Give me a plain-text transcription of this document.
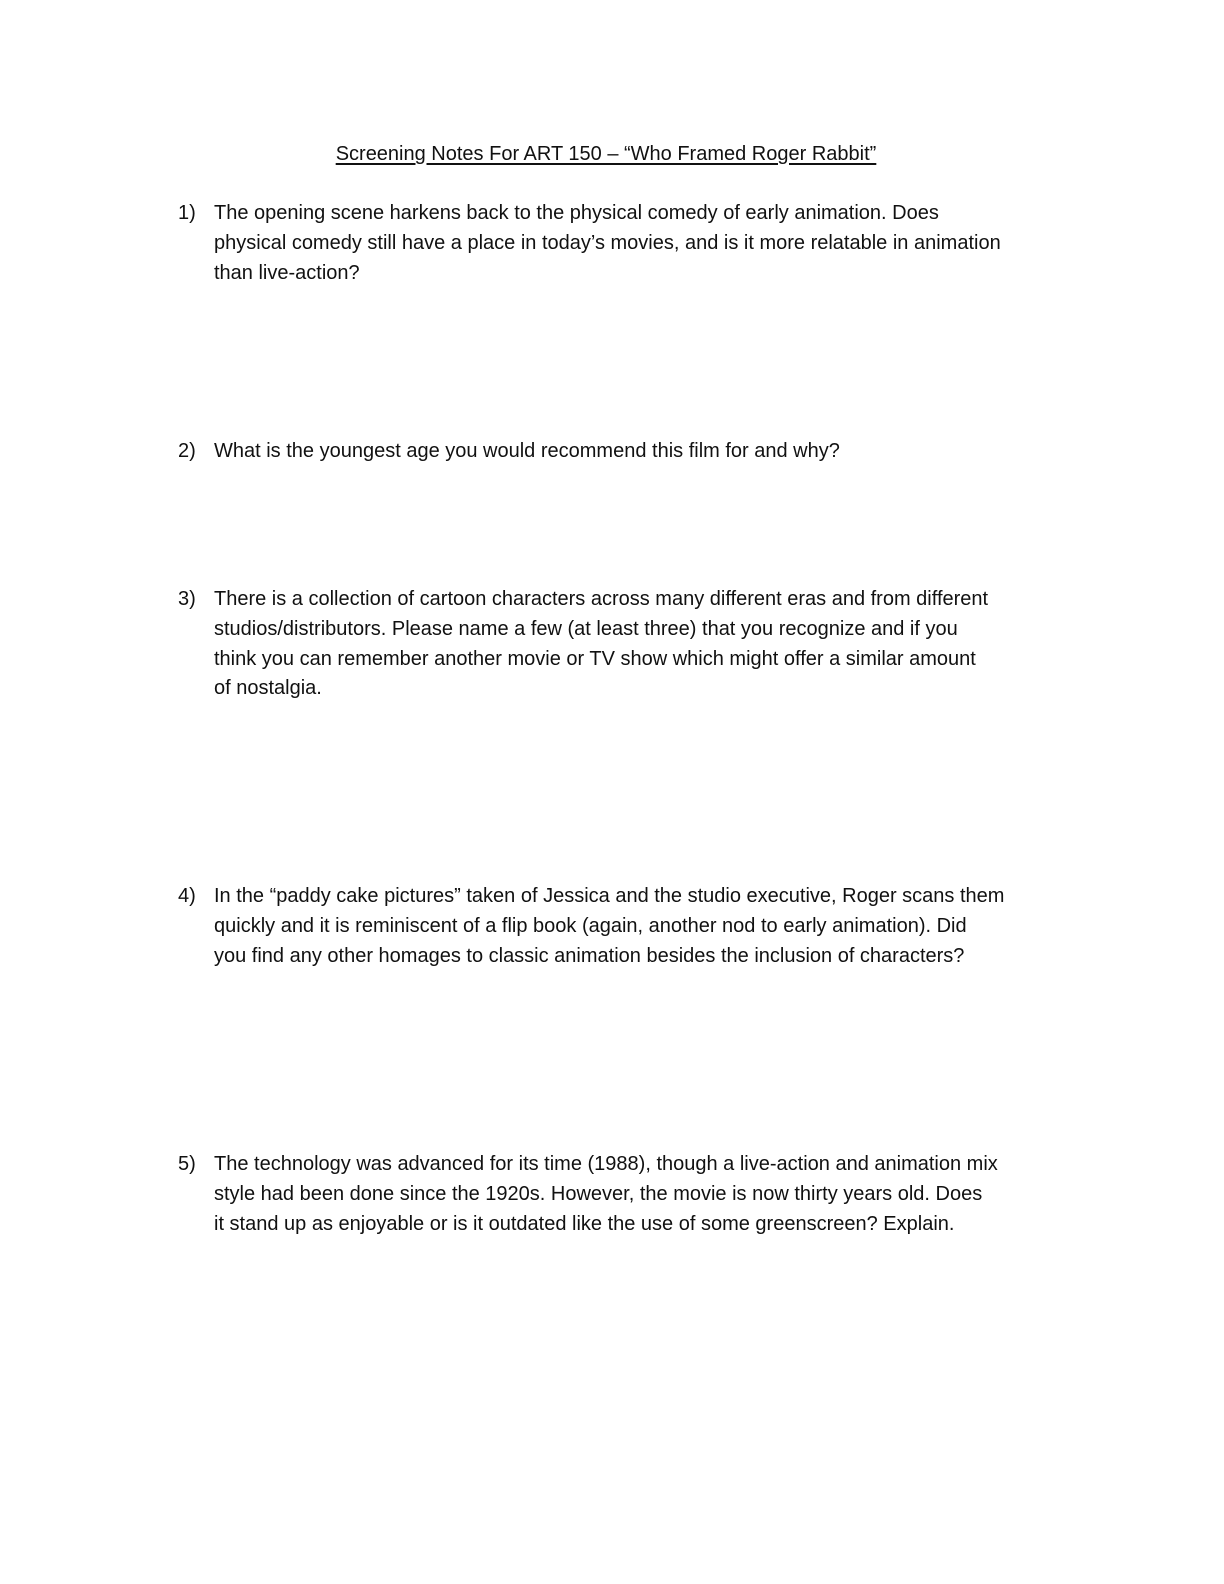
Screening Notes For ART 150 – “Who Framed Roger Rabbit”
1) The opening scene harkens back to the physical comedy of early animation. Does
physical comedy still have a place in today’s movies, and is it more relatable in animation
than live-action?
2) What is the youngest age you would recommend this film for and why?
3) There is a collection of cartoon characters across many different eras and from different
studios/distributors. Please name a few (at least three) that you recognize and if you
think you can remember another movie or TV show which might offer a similar amount
of nostalgia.
4) In the “paddy cake pictures” taken of Jessica and the studio executive, Roger scans them
quickly and it is reminiscent of a flip book (again, another nod to early animation). Did
you find any other homages to classic animation besides the inclusion of characters?
5) The technology was advanced for its time (1988), though a live-action and animation mix
style had been done since the 1920s. However, the movie is now thirty years old. Does
it stand up as enjoyable or is it outdated like the use of some greenscreen? Explain.
